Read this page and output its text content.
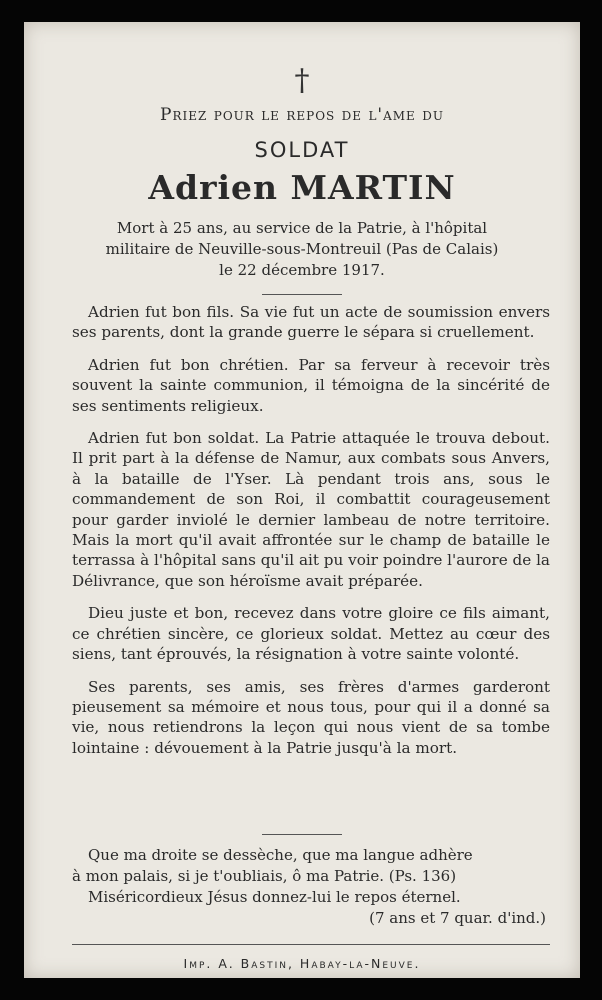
†
Priez pour le repos de l'ame du
SOLDAT
Adrien MARTIN
Mort à 25 ans, au service de la Patrie, à l'hôpital
militaire de Neuville-sous-Montreuil (Pas de Calais)
le 22 décembre 1917.

Adrien fut bon fils. Sa vie fut un acte de soumission envers ses parents, dont la grande guerre le sépara si cruellement.

Adrien fut bon chrétien. Par sa ferveur à recevoir très souvent la sainte communion, il témoigna de la sincérité de ses sentiments religieux.

Adrien fut bon soldat. La Patrie attaquée le trouva debout. Il prit part à la défense de Namur, aux combats sous Anvers, à la bataille de l'Yser. Là pendant trois ans, sous le commandement de son Roi, il combattit courageusement pour garder inviolé le dernier lambeau de notre territoire. Mais la mort qu'il avait affrontée sur le champ de bataille le terrassa à l'hôpital sans qu'il ait pu voir poindre l'aurore de la Délivrance, que son héroïsme avait préparée.

Dieu juste et bon, recevez dans votre gloire ce fils aimant, ce chrétien sincère, ce glorieux soldat. Mettez au cœur des siens, tant éprouvés, la résignation à votre sainte volonté.

Ses parents, ses amis, ses frères d'armes garderont pieusement sa mémoire et nous tous, pour qui il a donné sa vie, nous retiendrons la leçon qui nous vient de sa tombe lointaine : dévouement à la Patrie jusqu'à la mort.

Que ma droite se dessèche, que ma langue adhère
à mon palais, si je t'oubliais, ô ma Patrie. (Ps. 136)
Miséricordieux Jésus donnez-lui le repos éternel.
(7 ans et 7 quar. d'ind.)
Imp. A. Bastin, Habay-la-Neuve.
